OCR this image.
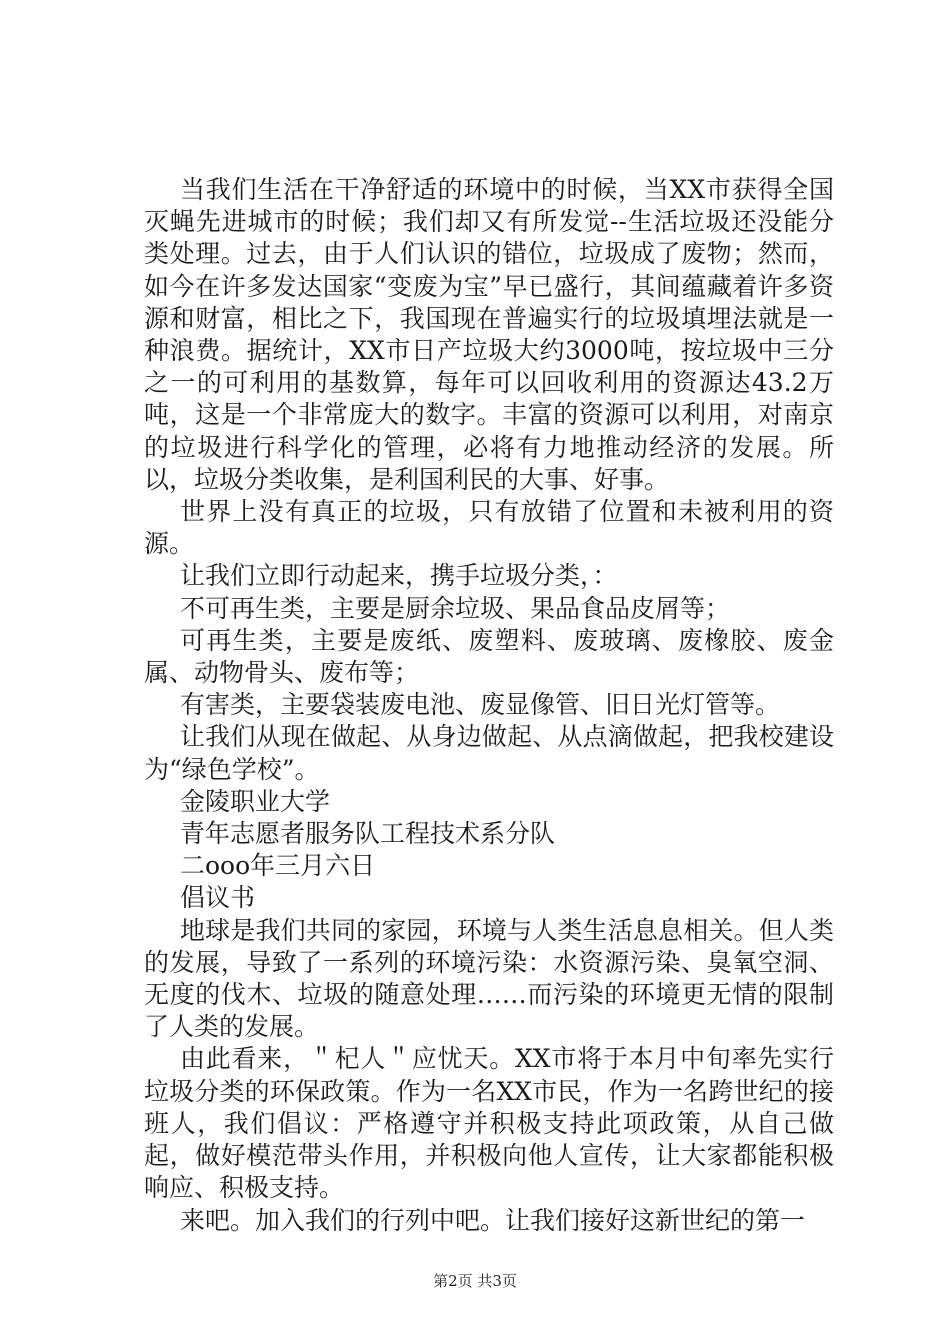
当我们生活在干净舒适的环境中的时候，当XX市获得全国灭蝇先进城市的时候；我们却又有所发觉--生活垃圾还没能分类处理。过去，由于人们认识的错位，垃圾成了废物；然而，如今在许多发达国家“变废为宝”早已盛行，其间蕴藏着许多资源和财富，相比之下，我国现在普遍实行的垃圾填埋法就是一种浪费。据统计，XX市日产垃圾大约3000吨，按垃圾中三分之一的可利用的基数算，每年可以回收利用的资源达43.2万吨，这是一个非常庞大的数字。丰富的资源可以利用，对南京的垃圾进行科学化的管理，必将有力地推动经济的发展。所以，垃圾分类收集，是利国利民的大事、好事。

世界上没有真正的垃圾，只有放错了位置和未被利用的资源。

让我们立即行动起来，携手垃圾分类，：

不可再生类，主要是厨余垃圾、果品食品皮屑等；

可再生类，主要是废纸、废塑料、废玻璃、废橡胶、废金属、动物骨头、废布等；

有害类，主要袋装废电池、废显像管、旧日光灯管等。

让我们从现在做起、从身边做起、从点滴做起，把我校建设为“绿色学校”。

金陵职业大学

青年志愿者服务队工程技术系分队

二ooo年三月六日

倡议书

地球是我们共同的家园，环境与人类生活息息相关。但人类的发展，导致了一系列的环境污染：水资源污染、臭氧空洞、无度的伐木、垃圾的随意处理……而污染的环境更无情的限制了人类的发展。

由此看来，＂杞人＂应忧天。XX市将于本月中旬率先实行垃圾分类的环保政策。作为一名XX市民，作为一名跨世纪的接班人，我们倡议：严格遵守并积极支持此项政策，从自己做起，做好模范带头作用，并积极向他人宣传，让大家都能积极响应、积极支持。

来吧。加入我们的行列中吧。让我们接好这新世纪的第一

第2页 共3页
